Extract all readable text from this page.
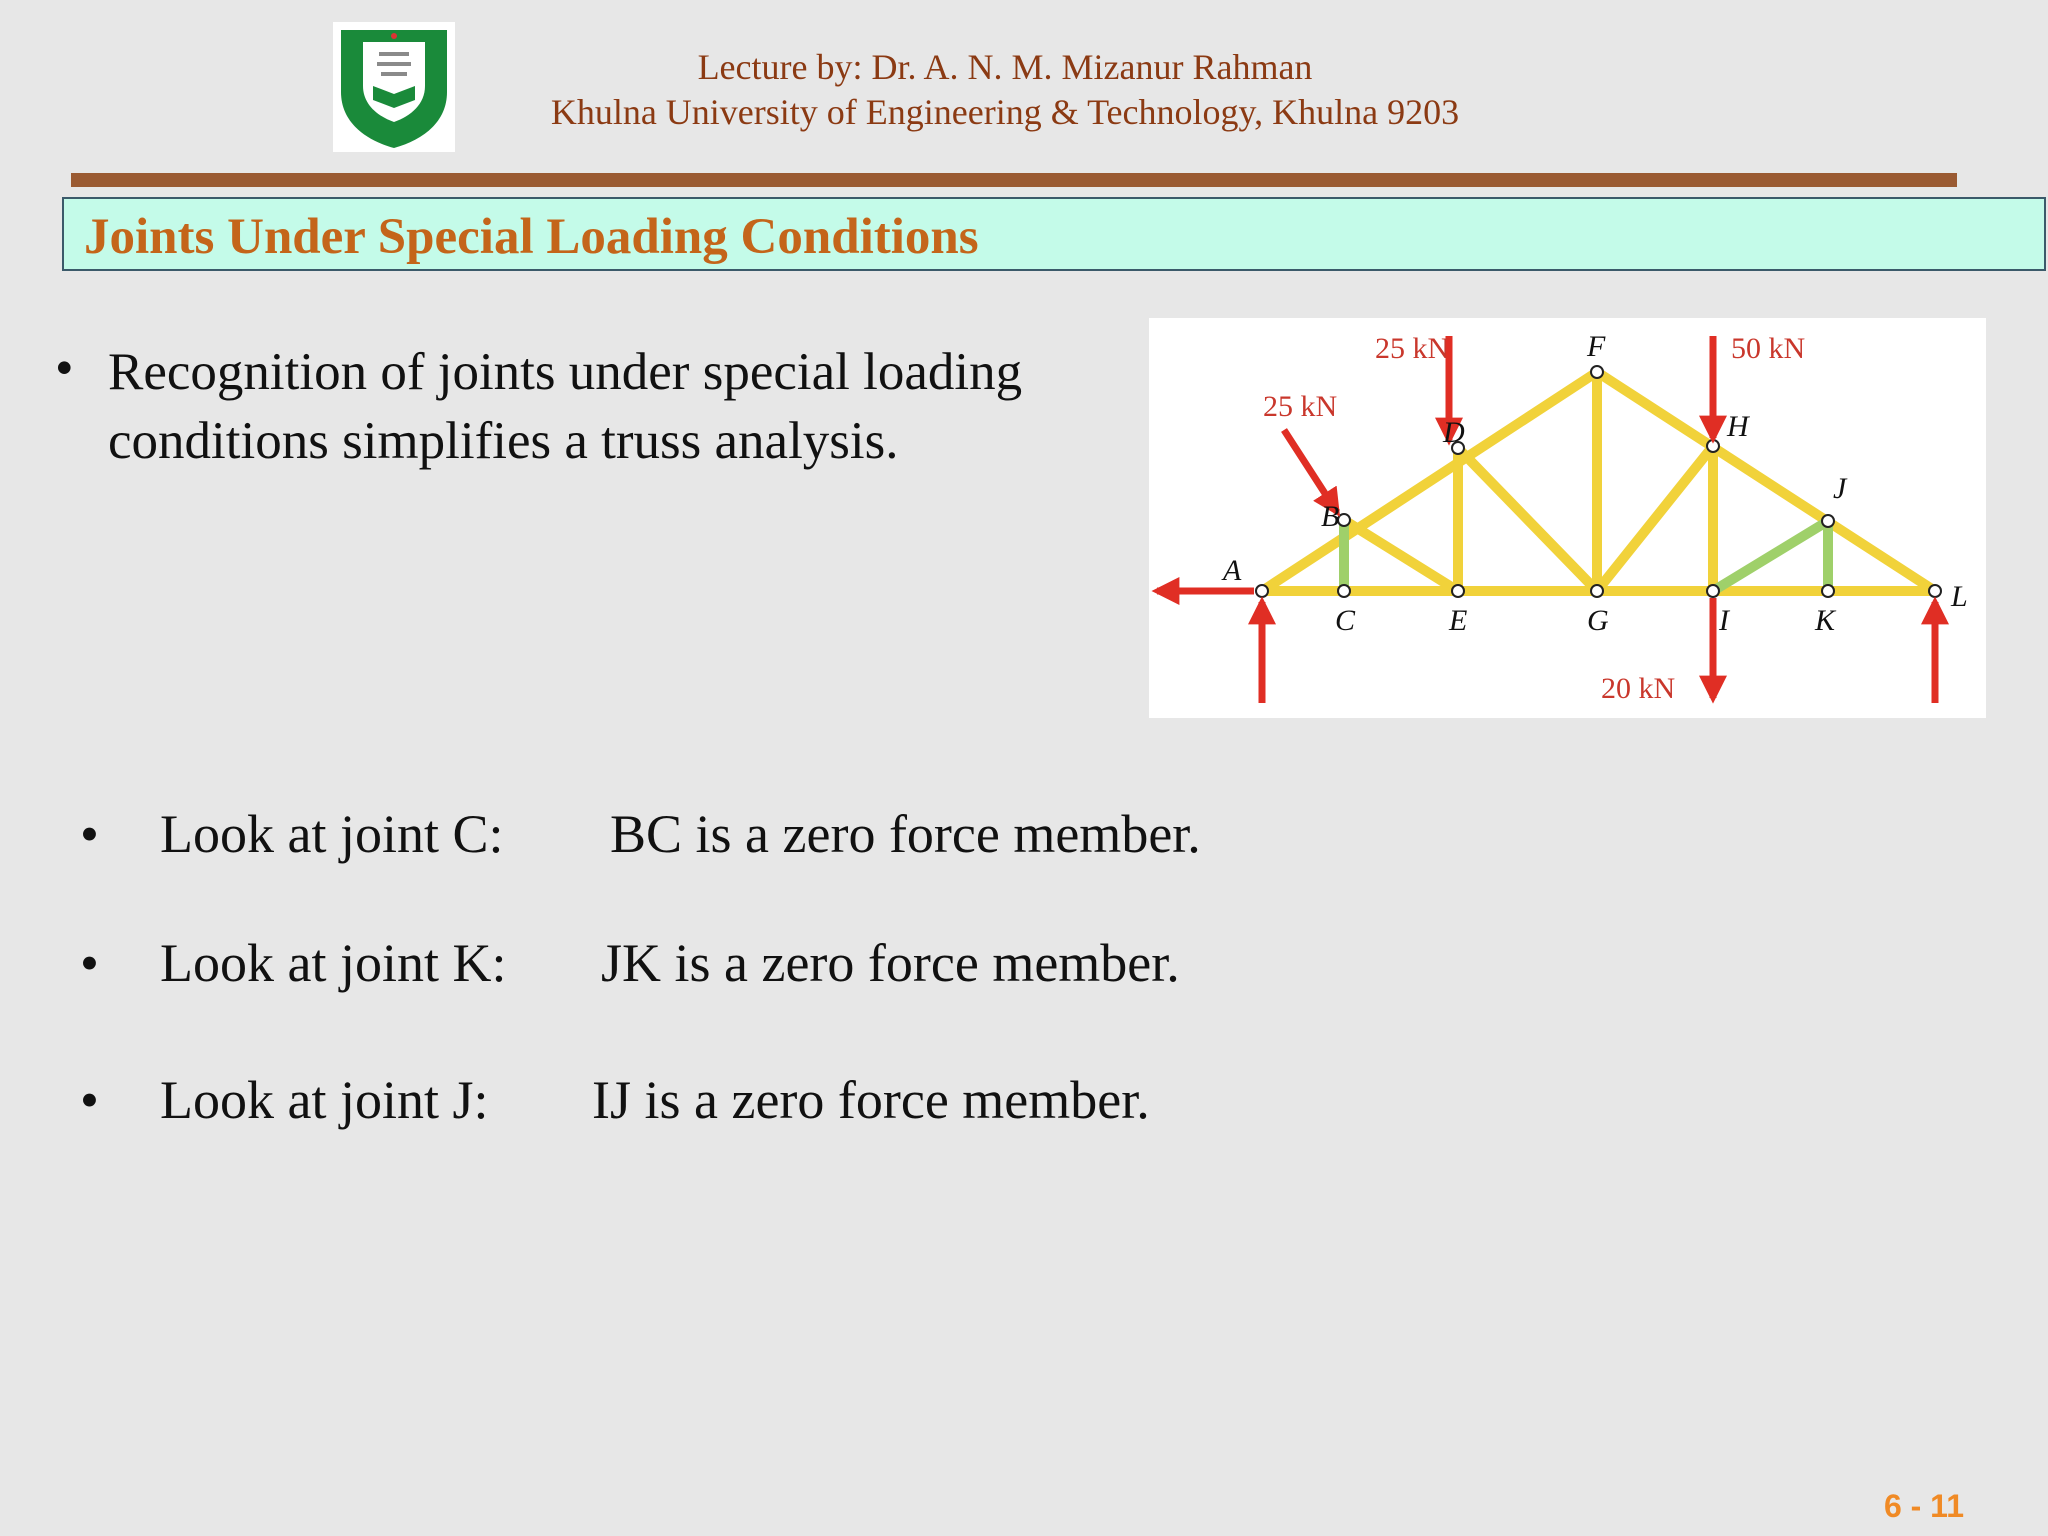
Lecture by: Dr. A. N. M. Mizanur Rahman
Khulna University of Engineering & Technology, Khulna 9203
Joints Under Special Loading Conditions
• Recognition of joints under special loading conditions simplifies a truss analysis.
25 kN	50 kN
25 kN
20 kN
A
B
C
D
E
F
G
H
I
J
K
L
• Look at joint C: BC is a zero force member.
• Look at joint K: JK is a zero force member.
• Look at joint J: IJ is a zero force member.
6 - 11
